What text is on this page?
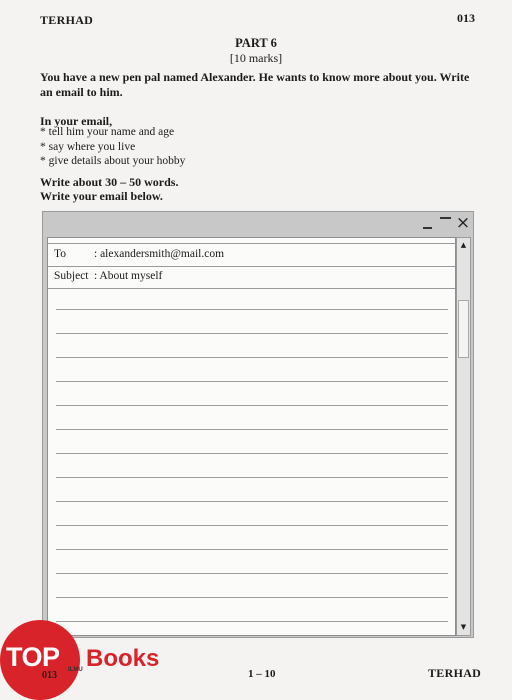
TERHAD	013
PART 6
[10 marks]
You have a new pen pal named Alexander. He wants to know more about you. Write an email to him.
In your email,
* tell him your name and age
* say where you live
* give details about your hobby
Write about 30 – 50 words.
Write your email below.
×
To : alexandersmith@mail.com
Subject : About myself
▲
▼
TOP Books
013 ILMU	1 – 10	TERHAD
